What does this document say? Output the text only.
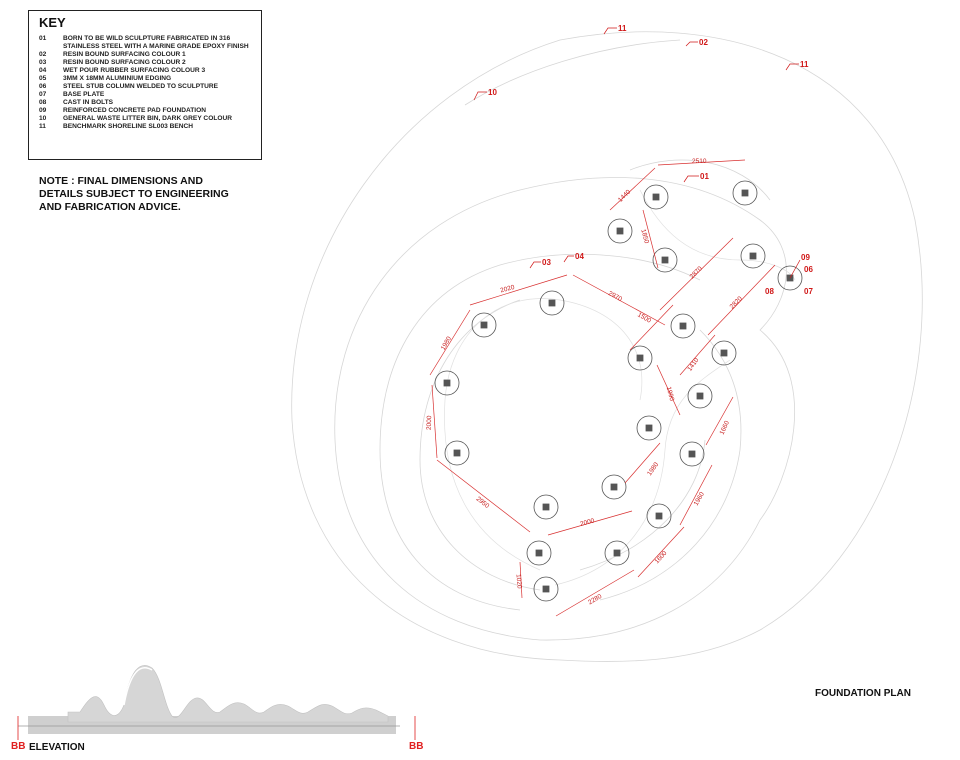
KEY
01	BORN TO BE WILD SCULPTURE FABRICATED IN 316 STAINLESS STEEL WITH A MARINE GRADE EPOXY FINISH
02	RESIN BOUND SURFACING COLOUR 1
03	RESIN BOUND SURFACING COLOUR 2
04	WET POUR RUBBER SURFACING COLOUR 3
05	3MM X 18MM ALUMINIUM EDGING
06	STEEL STUB COLUMN WELDED TO SCULPTURE
07	BASE PLATE
08	CAST IN BOLTS
09	REINFORCED CONCRETE PAD FOUNDATION
10	GENERAL WASTE LITTER BIN, DARK GREY COLOUR
11	BENCHMARK SHORELINE SL003 BENCH
NOTE : FINAL DIMENSIONS AND DETAILS SUBJECT TO ENGINEERING AND FABRICATION ADVICE.
2510
1440
1850
2870
2820
2020
2970
1500
1410
1980
1990
2000	1660
1980
2950
2000
1960
1600
1020
2280
11
02
11
10
01
03
04	09
06
08	07
FOUNDATION PLAN
BB ELEVATION	BB
